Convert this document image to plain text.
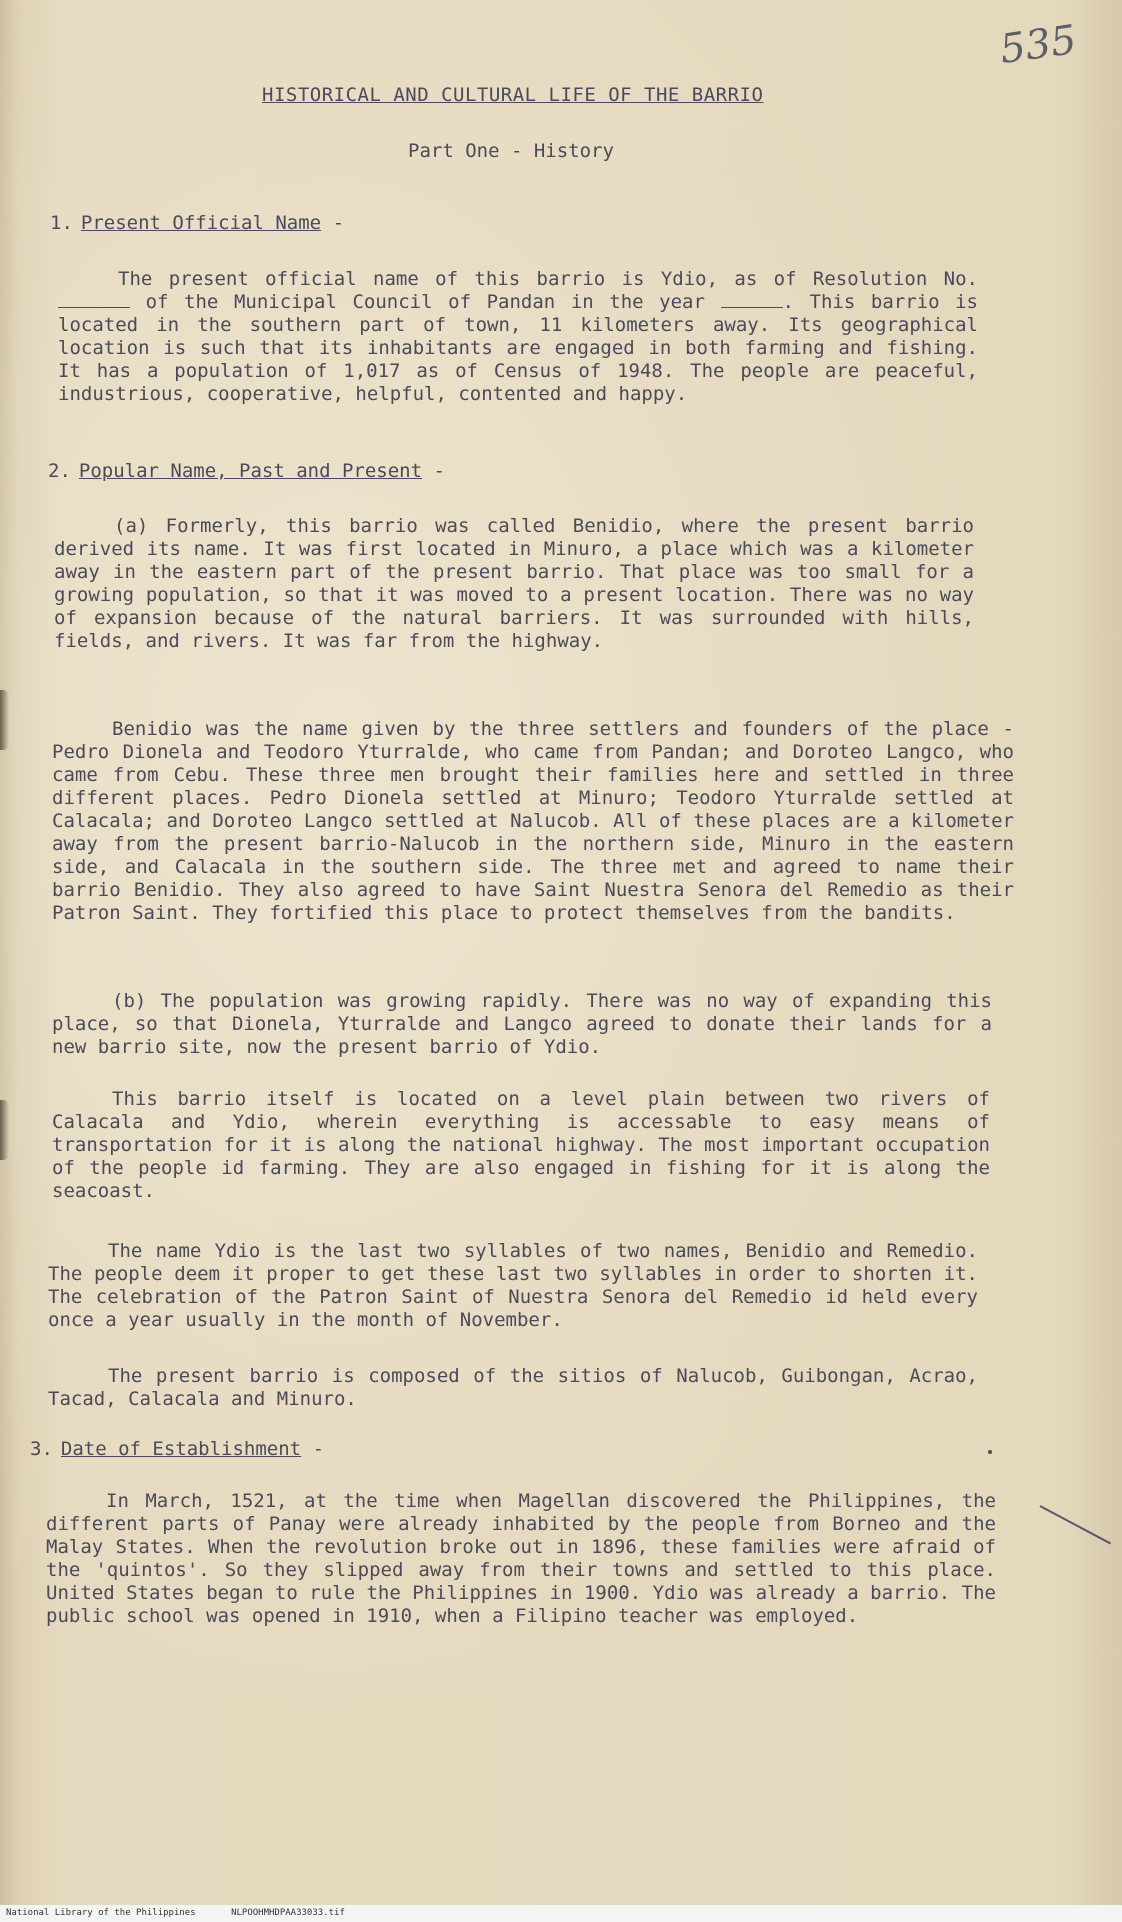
535
HISTORICAL AND CULTURAL LIFE OF THE BARRIO
Part One - History
1. Present Official Name -
The present official name of this barrio is Ydio, as of Resolution No. of the Municipal Council of Pandan in the year	. This barrio is located in the southern part of town, 11 kilometers away. Its geographical location is such that its inhabitants are engaged in both farming and fishing. It has a population of 1,017 as of Census of 1948. The people are peaceful, industrious, cooperative, helpful, contented and happy.
2. Popular Name, Past and Present -
(a) Formerly, this barrio was called Benidio, where the present barrio derived its name. It was first located in Minuro, a place which was a kilometer away in the eastern part of the present barrio. That place was too small for a growing population, so that it was moved to a present location. There was no way of expansion because of the natural barriers. It was surrounded with hills, fields, and rivers. It was far from the highway.
Benidio was the name given by the three settlers and founders of the place - Pedro Dionela and Teodoro Yturralde, who came from Pandan; and Doroteo Langco, who came from Cebu. These three men brought their families here and settled in three different places. Pedro Dionela settled at Minuro; Teodoro Yturralde settled at Calacala; and Doroteo Langco settled at Nalucob. All of these places are a kilometer away from the present barrio-Nalucob in the northern side, Minuro in the eastern side, and Calacala in the southern side. The three met and agreed to name their barrio Benidio. They also agreed to have Saint Nuestra Senora del Remedio as their Patron Saint. They fortified this place to protect themselves from the bandits.
(b) The population was growing rapidly. There was no way of expanding this place, so that Dionela, Yturralde and Langco agreed to donate their lands for a new barrio site, now the present barrio of Ydio.
This barrio itself is located on a level plain between two rivers of Calacala and Ydio, wherein everything is accessable to easy means of transportation for it is along the national highway. The most important occupation of the people id farming. They are also engaged in fishing for it is along the seacoast.
The name Ydio is the last two syllables of two names, Benidio and Remedio. The people deem it proper to get these last two syllables in order to shorten it. The celebration of the Patron Saint of Nuestra Senora del Remedio id held every once a year usually in the month of November.
The present barrio is composed of the sitios of Nalucob, Guibongan, Acrao, Tacad, Calacala and Minuro.
3. Date of Establishment -
In March, 1521, at the time when Magellan discovered the Philippines, the different parts of Panay were already inhabited by the people from Borneo and the Malay States. When the revolution broke out in 1896, these families were afraid of the 'quintos'. So they slipped away from their towns and settled to this place. United States began to rule the Philippines in 1900. Ydio was already a barrio. The public school was opened in 1910, when a Filipino teacher was employed.
National Library of the Philippines	NLPOOHMHDPAA33033.tif
